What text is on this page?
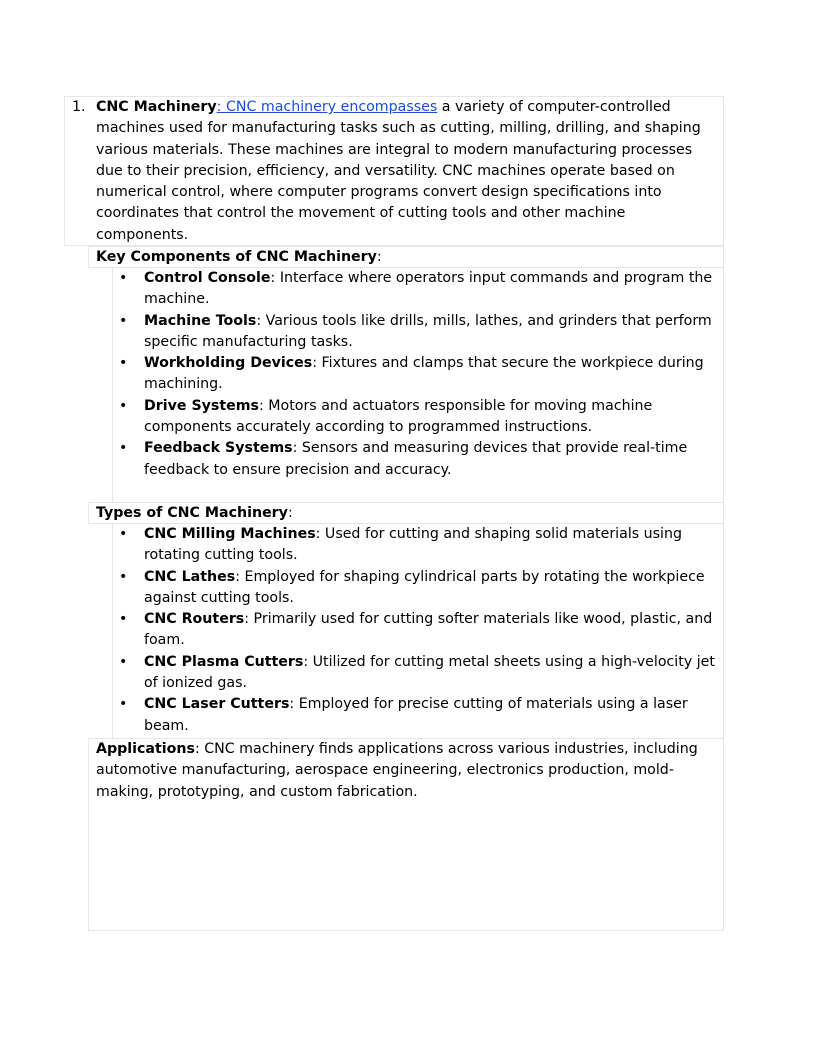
1. CNC Machinery: CNC machinery encompasses a variety of computer-controlled machines used for manufacturing tasks such as cutting, milling, drilling, and shaping various materials. These machines are integral to modern manufacturing processes due to their precision, efficiency, and versatility. CNC machines operate based on numerical control, where computer programs convert design specifications into coordinates that control the movement of cutting tools and other machine components.

Key Components of CNC Machinery:

• Control Console: Interface where operators input commands and program the machine.
• Machine Tools: Various tools like drills, mills, lathes, and grinders that perform specific manufacturing tasks.
• Workholding Devices: Fixtures and clamps that secure the workpiece during machining.
• Drive Systems: Motors and actuators responsible for moving machine components accurately according to programmed instructions.
• Feedback Systems: Sensors and measuring devices that provide real-time feedback to ensure precision and accuracy.

Types of CNC Machinery:

• CNC Milling Machines: Used for cutting and shaping solid materials using rotating cutting tools.
• CNC Lathes: Employed for shaping cylindrical parts by rotating the workpiece against cutting tools.
• CNC Routers: Primarily used for cutting softer materials like wood, plastic, and foam.
• CNC Plasma Cutters: Utilized for cutting metal sheets using a high-velocity jet of ionized gas.
• CNC Laser Cutters: Employed for precise cutting of materials using a laser beam.

Applications: CNC machinery finds applications across various industries, including automotive manufacturing, aerospace engineering, electronics production, mold-making, prototyping, and custom fabrication.
